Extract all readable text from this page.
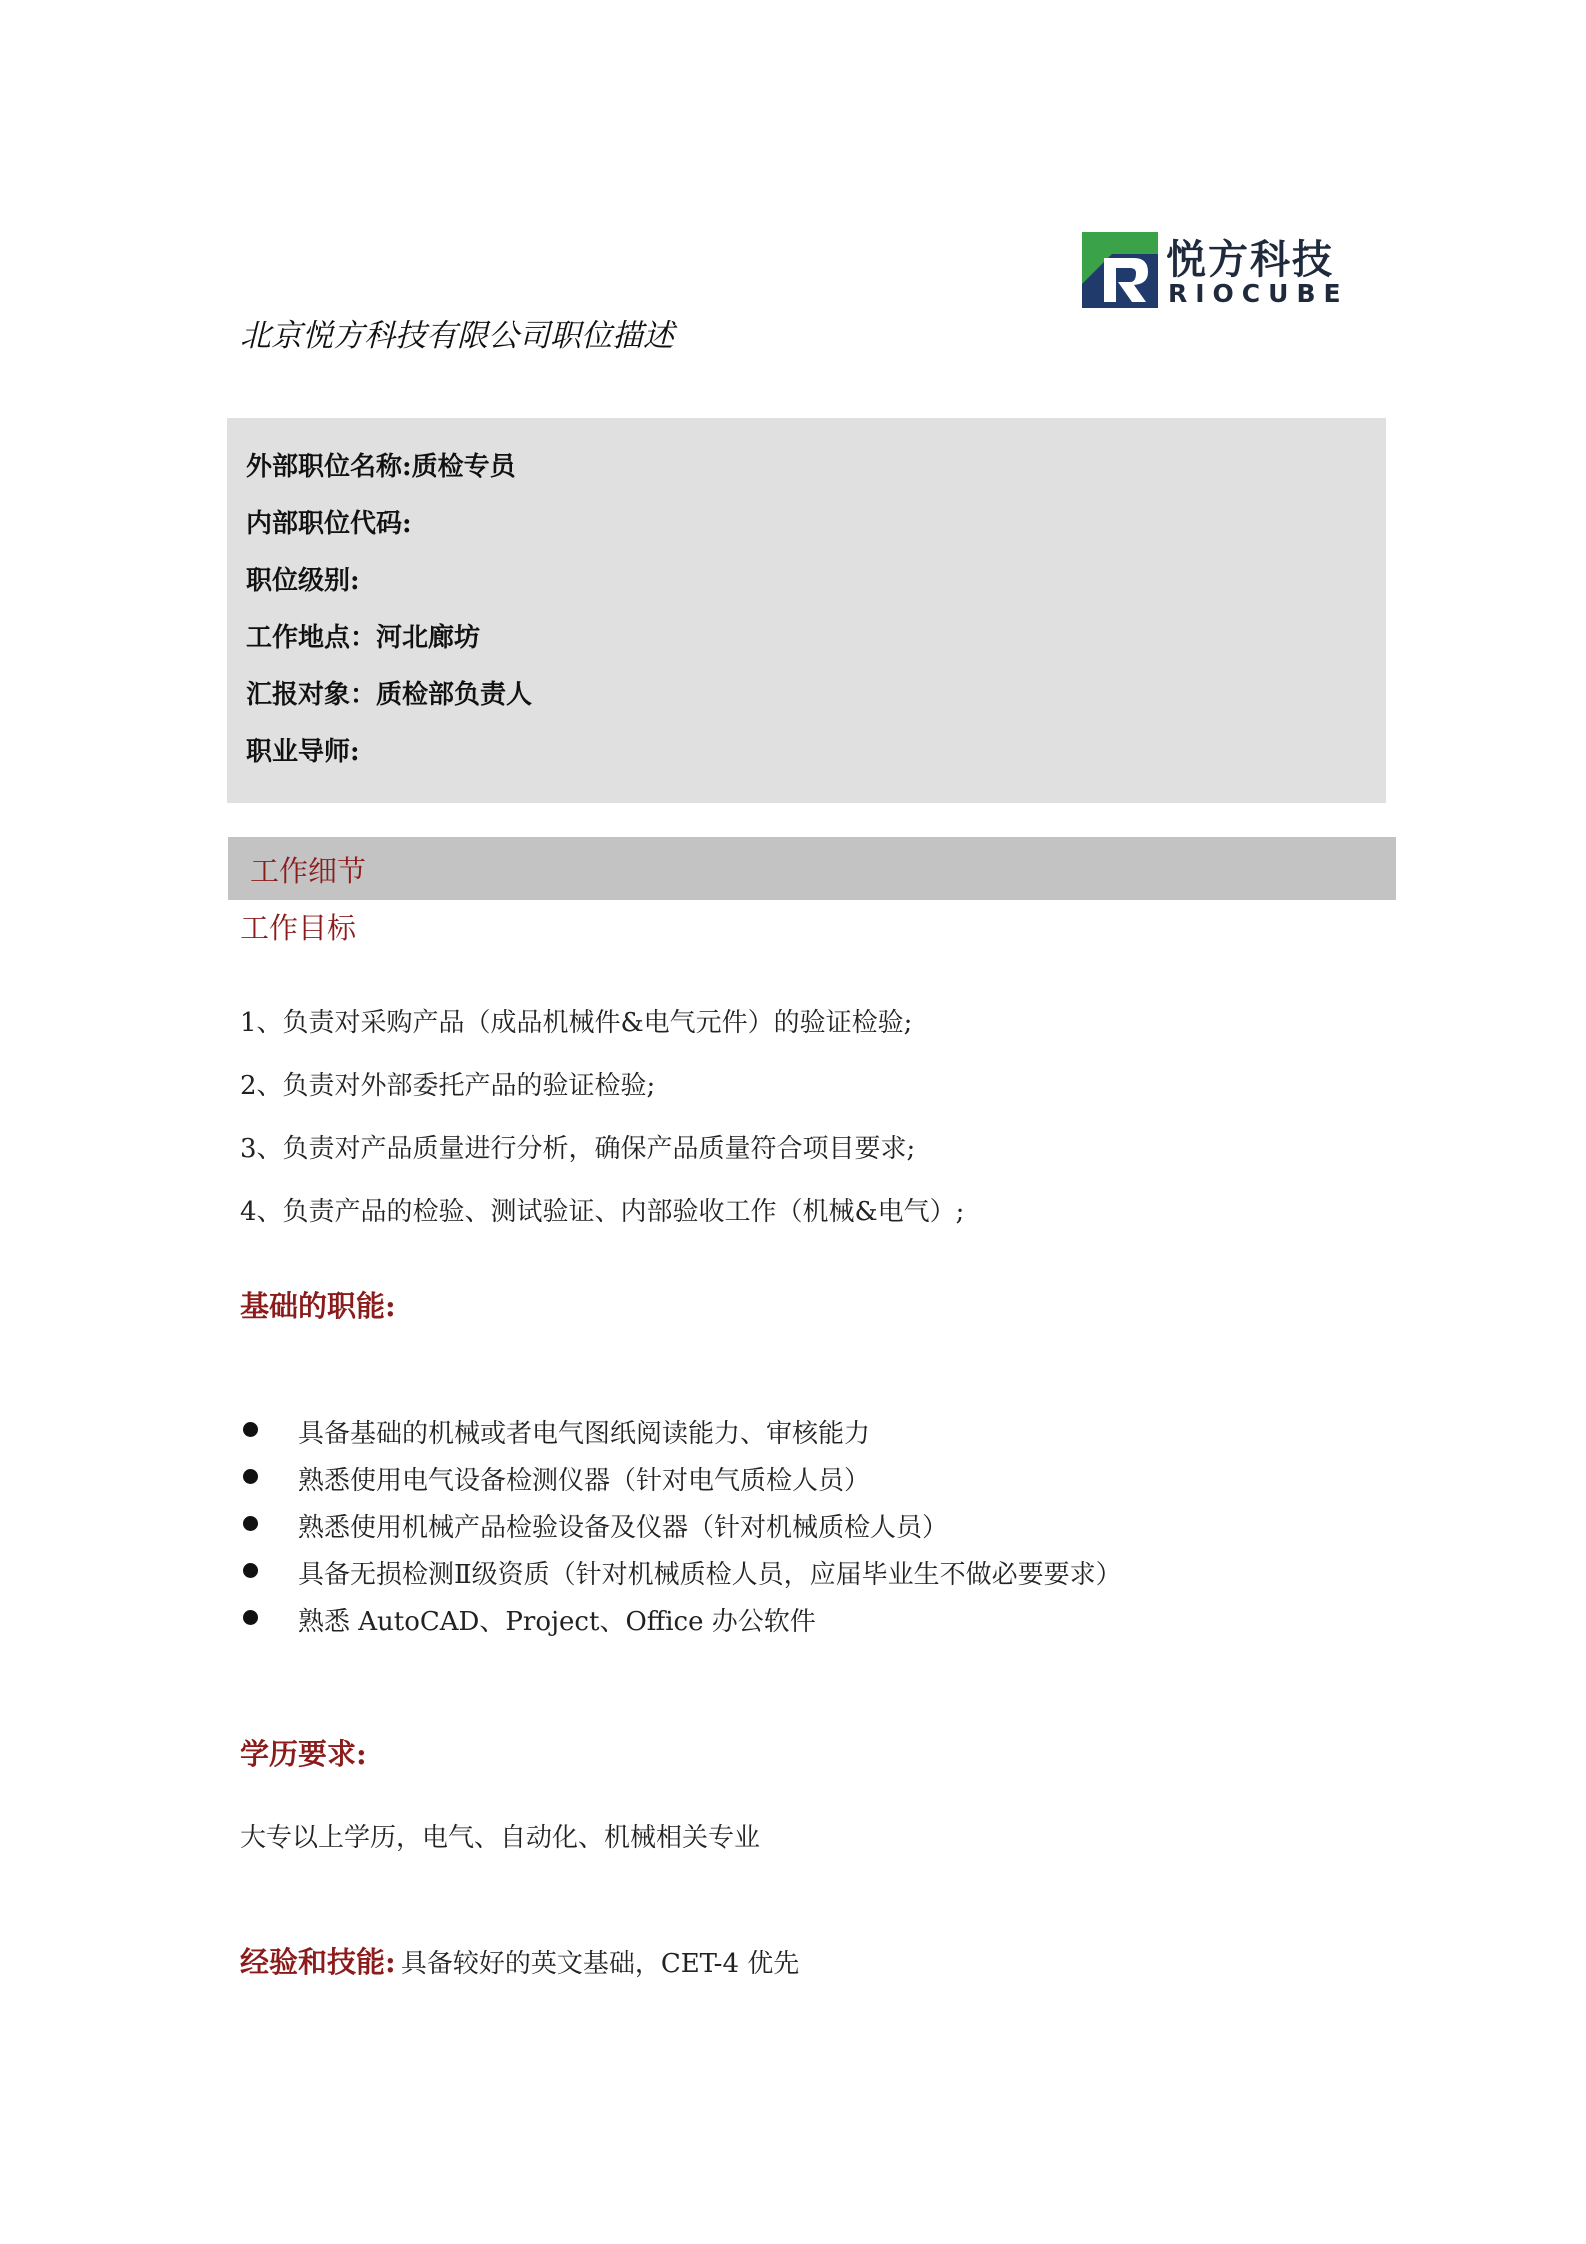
悦方科技
RIOCUBE
北京悦方科技有限公司职位描述
外部职位名称:质检专员
内部职位代码:
职位级别:
工作地点：河北廊坊
汇报对象：质检部负责人
职业导师:
工作细节
工作目标
1、负责对采购产品（成品机械件&电气元件）的验证检验;
2、负责对外部委托产品的验证检验;
3、负责对产品质量进行分析，确保产品质量符合项目要求;
4、负责产品的检验、测试验证、内部验收工作（机械&电气）;
基础的职能:
具备基础的机械或者电气图纸阅读能力、审核能力
熟悉使用电气设备检测仪器（针对电气质检人员）
熟悉使用机械产品检验设备及仪器（针对机械质检人员）
具备无损检测Ⅱ级资质（针对机械质检人员，应届毕业生不做必要要求）
熟悉 AutoCAD、Project、Office 办公软件
学历要求:
大专以上学历，电气、自动化、机械相关专业
经验和技能: 具备较好的英文基础，CET-4 优先
